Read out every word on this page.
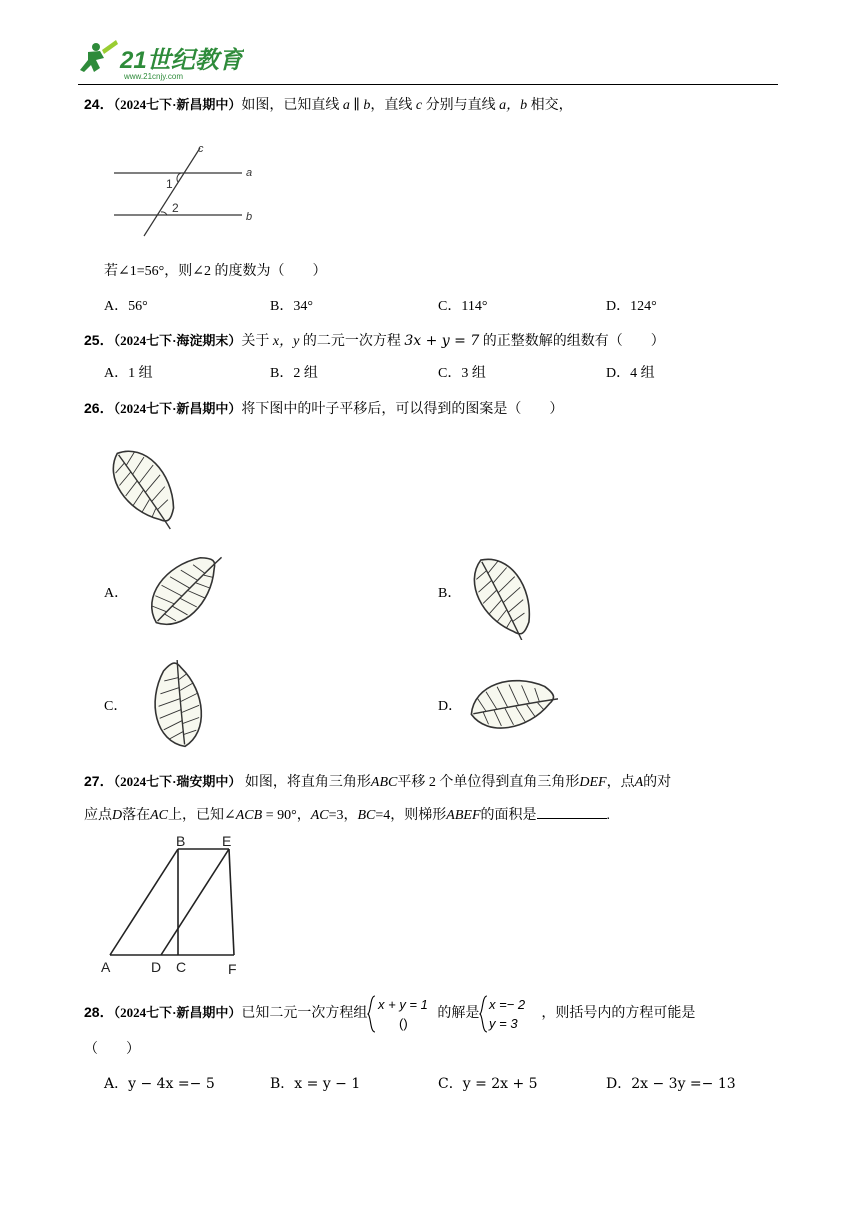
21世纪教育
www.21cnjy.com
24．（2024七下·新昌期中）如图，已知直线 a ∥ b，直线 c 分别与直线 a，b 相交，
c
a
b
1
2
若∠1=56°，则∠2 的度数为（　　）
A．56°	B．34°	C．114°	D．124°
25．（2024七下·海淀期末）关于 x，y 的二元一次方程 3x + y = 7 的正整数解的组数有（　　）
A．1 组	B．2 组	C．3 组	D．4 组
26．（2024七下·新昌期中）将下图中的叶子平移后，可以得到的图案是（　　）
A．	B．
C．	D．
27．（2024七下·瑞安期中） 如图，将直角三角形ABC平移 2 个单位得到直角三角形DEF，点A的对
应点D落在AC上，已知∠ACB = 90°，AC=3，BC=4，则梯形ABEF的面积是	.
B	E
A	D C	F
28．（2024七下·新昌期中）已知二元一次方程组
x + y = 1
()
的解是
x =− 2
y = 3
，则括号内的方程可能是
（　　）
A．y − 4x =− 5	B．x = y − 1	C．y = 2x + 5	D．2x − 3y =− 13
